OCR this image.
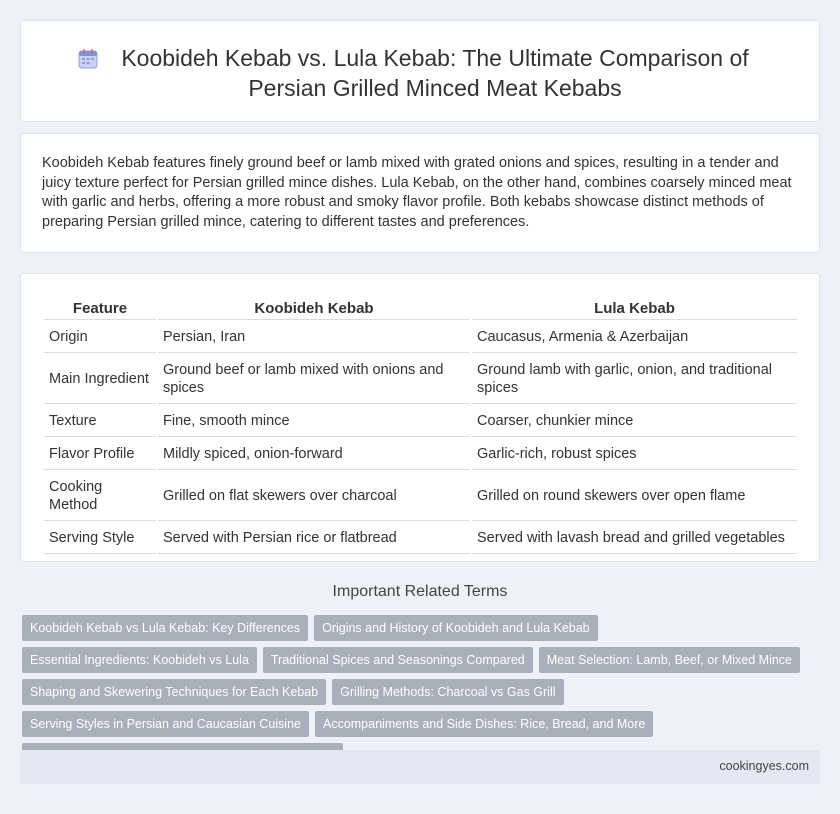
Koobideh Kebab vs. Lula Kebab: The Ultimate Comparison of Persian Grilled Minced Meat Kebabs

Koobideh Kebab features finely ground beef or lamb mixed with grated onions and spices, resulting in a tender and juicy texture perfect for Persian grilled mince dishes. Lula Kebab, on the other hand, combines coarsely minced meat with garlic and herbs, offering a more robust and smoky flavor profile. Both kebabs showcase distinct methods of preparing Persian grilled mince, catering to different tastes and preferences.

Feature	Koobideh Kebab	Lula Kebab
Origin	Persian, Iran	Caucasus, Armenia & Azerbaijan
Main Ingredient	Ground beef or lamb mixed with onions and spices	Ground lamb with garlic, onion, and traditional spices
Texture	Fine, smooth mince	Coarser, chunkier mince
Flavor Profile	Mildly spiced, onion-forward	Garlic-rich, robust spices
Cooking Method	Grilled on flat skewers over charcoal	Grilled on round skewers over open flame
Serving Style	Served with Persian rice or flatbread	Served with lavash bread and grilled vegetables
Important Related Terms
Koobideh Kebab vs Lula Kebab: Key Differences	Origins and History of Koobideh and Lula Kebab
Essential Ingredients: Koobideh vs Lula	Traditional Spices and Seasonings Compared	Meat Selection: Lamb, Beef, or Mixed Mince
Shaping and Skewering Techniques for Each Kebab	Grilling Methods: Charcoal vs Gas Grill
Serving Styles in Persian and Caucasian Cuisine	Accompaniments and Side Dishes: Rice, Bread, and More
cookingyes.com
